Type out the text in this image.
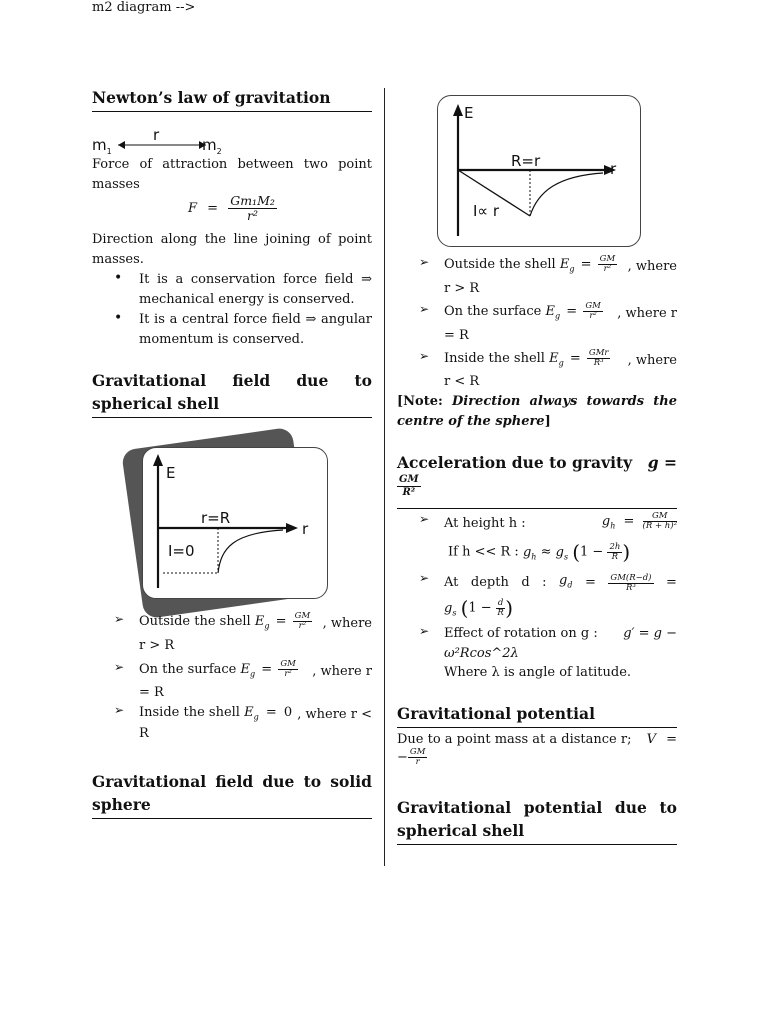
Newton’s law of gravitation
m2 diagram -->
$m_1$
r
$m_2$
Force of attraction between two point
masses
$F = \frac{\text{Gm₁M₂}}{\text{r²}}$
Direction along the line joining of point
masses.
• It is a conservation force field ⇒
mechanical energy is conserved.
• It is a central force field ⇒ angular
momentum is conserved.
Gravitational field due to
spherical shell
E
r=R
r
I=0
➢ Outside the shell $E_g = \frac{GM}{\text{r²}}$ , where
r > R
➢ On the surface $E_g = \frac{GM}{\text{r²}}$ , where r
= R
➢ Inside the shell $E_g = 0$ , where r <
R
Gravitational field due to solid
sphere
E
R=r	r
I∝ r
➢ Outside the shell $E_g = \frac{GM}{\text{r²}}$ , where
r > R
➢ On the surface $E_g = \frac{GM}{\text{r²}}$ , where r
= R
➢ Inside the shell $E_g = \frac{\text{GMr}}{\text{R³}}$ , where
r < R
[Note: Direction always towards the
centre of the sphere]
Acceleration due to gravity g =
$\frac{GM}{\text{R²}}$
➢ At height h :	$g_h = \frac{GM}{\text{(R + h)²}}$
If h << R : $g_h \approx g_s$ ($1 - \frac{2h}{R}$ )
➢ At depth d : $g_d = \frac{GM(R-d)}{\text{R³}}$ =
$g_s$ ($1 - \frac{d}{R}$ )
➢ Effect of rotation on g : g′ = g −
ω²Rcos^2λ
Where λ is angle of latitude.
Gravitational potential
Due to a point mass at a distance r; V =
− $\frac{GM}{r}$
Gravitational potential due to
spherical shell
